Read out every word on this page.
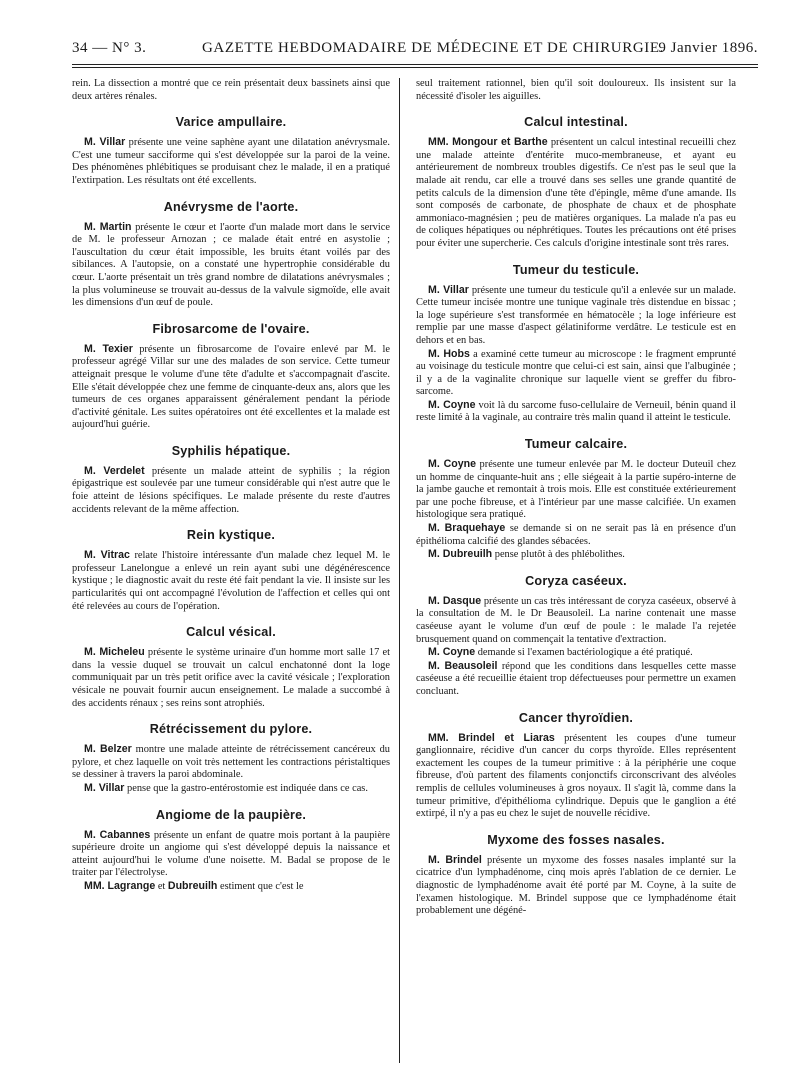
34 — N° 3.	GAZETTE HEBDOMADAIRE DE MÉDECINE ET DE CHIRURGIE.
9 Janvier 1896.

rein. La dissection a montré que ce rein présentait deux bassinets ainsi que deux artères rénales.

Varice ampullaire.

M. Villar présente une veine saphène ayant une dilatation anévrysmale. C'est une tumeur sacciforme qui s'est développée sur la paroi de la veine. Des phénomènes phlébitiques se produisant chez le malade, il en a pratiqué l'extirpation. Les résultats ont été excellents.

Anévrysme de l'aorte.

M. Martin présente le cœur et l'aorte d'un malade mort dans le service de M. le professeur Arnozan ; ce malade était entré en asystolie ; l'auscultation du cœur était impossible, les bruits étant voilés par des sibilances. A l'autopsie, on a constaté une hypertrophie considérable du cœur. L'aorte présentait un très grand nombre de dilatations anévrysmales ; la plus volumineuse se trouvait au-dessus de la valvule sigmoïde, elle avait les dimensions d'un œuf de poule.

Fibrosarcome de l'ovaire.

M. Texier présente un fibrosarcome de l'ovaire enlevé par M. le professeur agrégé Villar sur une des malades de son service. Cette tumeur atteignait presque le volume d'une tête d'adulte et s'accompagnait d'ascite. Elle s'était développée chez une femme de cinquante-deux ans, alors que les tumeurs de ces organes apparaissent généralement pendant la période d'activité génitale. Les suites opératoires ont été excellentes et la malade est aujourd'hui guérie.

Syphilis hépatique.

M. Verdelet présente un malade atteint de syphilis ; la région épigastrique est soulevée par une tumeur considérable qui n'est autre que le foie atteint de lésions spécifiques. Le malade présente du reste d'autres accidents relevant de la même affection.

Rein kystique.

M. Vitrac relate l'histoire intéressante d'un malade chez lequel M. le professeur Lanelongue a enlevé un rein ayant subi une dégénérescence kystique ; le diagnostic avait du reste été fait pendant la vie. Il insiste sur les particularités qui ont accompagné l'évolution de l'affection et celles qui ont été relevées au cours de l'opération.

Calcul vésical.

M. Micheleu présente le système urinaire d'un homme mort salle 17 et dans la vessie duquel se trouvait un calcul enchatonné dont la loge communiquait par un très petit orifice avec la cavité vésicale ; l'exploration vésicale ne pouvait fournir aucun enseignement. Le malade a succombé à des accidents rénaux ; ses reins sont atrophiés.

Rétrécissement du pylore.

M. Belzer montre une malade atteinte de rétrécissement cancéreux du pylore, et chez laquelle on voit très nettement les contractions péristaltiques se dessiner à travers la paroi abdominale.

M. Villar pense que la gastro-entérostomie est indiquée dans ce cas.

Angiome de la paupière.

M. Cabannes présente un enfant de quatre mois portant à la paupière supérieure droite un angiome qui s'est développé depuis la naissance et atteint aujourd'hui le volume d'une noisette. M. Badal se propose de le traiter par l'électrolyse.

MM. Lagrange et Dubreuilh estiment que c'est le

seul traitement rationnel, bien qu'il soit douloureux. Ils insistent sur la nécessité d'isoler les aiguilles.

Calcul intestinal.

MM. Mongour et Barthe présentent un calcul intestinal recueilli chez une malade atteinte d'entérite muco-membraneuse, et ayant eu antérieurement de nombreux troubles digestifs. Ce n'est pas le seul que la malade ait rendu, car elle a trouvé dans ses selles une grande quantité de petits calculs de la dimension d'une tête d'épingle, même d'une amande. Ils sont composés de carbonate, de phosphate de chaux et de phosphate ammoniaco-magnésien ; peu de matières organiques. La malade n'a pas eu de coliques hépatiques ou néphrétiques. Toutes les précautions ont été prises pour éviter une supercherie. Ces calculs d'origine intestinale sont très rares.

Tumeur du testicule.

M. Villar présente une tumeur du testicule qu'il a enlevée sur un malade. Cette tumeur incisée montre une tunique vaginale très distendue en bissac ; la loge supérieure s'est transformée en hématocèle ; la loge inférieure est remplie par une masse d'aspect gélatiniforme verdâtre. Le testicule est en dehors et en bas.

M. Hobs a examiné cette tumeur au microscope : le fragment emprunté au voisinage du testicule montre que celui-ci est sain, ainsi que l'albuginée ; il y a de la vaginalite chronique sur laquelle vient se greffer du fibro-sarcome.

M. Coyne voit là du sarcome fuso-cellulaire de Verneuil, bénin quand il reste limité à la vaginale, au contraire très malin quand il atteint le testicule.

Tumeur calcaire.

M. Coyne présente une tumeur enlevée par M. le docteur Duteuil chez un homme de cinquante-huit ans ; elle siégeait à la partie supéro-interne de la jambe gauche et remontait à trois mois. Elle est constituée extérieurement par une poche fibreuse, et à l'intérieur par une masse calcifiée. Un examen histologique sera pratiqué.

M. Braquehaye se demande si on ne serait pas là en présence d'un épithélioma calcifié des glandes sébacées.

M. Dubreuilh pense plutôt à des phlébolithes.

Coryza caséeux.

M. Dasque présente un cas très intéressant de coryza caséeux, observé à la consultation de M. le Dr Beausoleil. La narine contenait une masse caséeuse ayant le volume d'un œuf de poule : le malade l'a rejetée brusquement quand on commençait la tentative d'extraction.

M. Coyne demande si l'examen bactériologique a été pratiqué.

M. Beausoleil répond que les conditions dans lesquelles cette masse caséeuse a été recueillie étaient trop défectueuses pour permettre un examen concluant.

Cancer thyroïdien.

MM. Brindel et Liaras présentent les coupes d'une tumeur ganglionnaire, récidive d'un cancer du corps thyroïde. Elles représentent exactement les coupes de la tumeur primitive : à la périphérie une coque fibreuse, d'où partent des filaments conjonctifs circonscrivant des alvéoles remplis de cellules volumineuses à gros noyaux. Il s'agit là, comme dans la tumeur primitive, d'épithélioma cylindrique. Depuis que le ganglion a été extirpé, il n'y a pas eu chez le sujet de nouvelle récidive.

Myxome des fosses nasales.

M. Brindel présente un myxome des fosses nasales implanté sur la cicatrice d'un lymphadénome, cinq mois après l'ablation de ce dernier. Le diagnostic de lymphadénome avait été porté par M. Coyne, à la suite de l'examen histologique. M. Brindel suppose que ce lymphadénome était probablement une dégéné-
